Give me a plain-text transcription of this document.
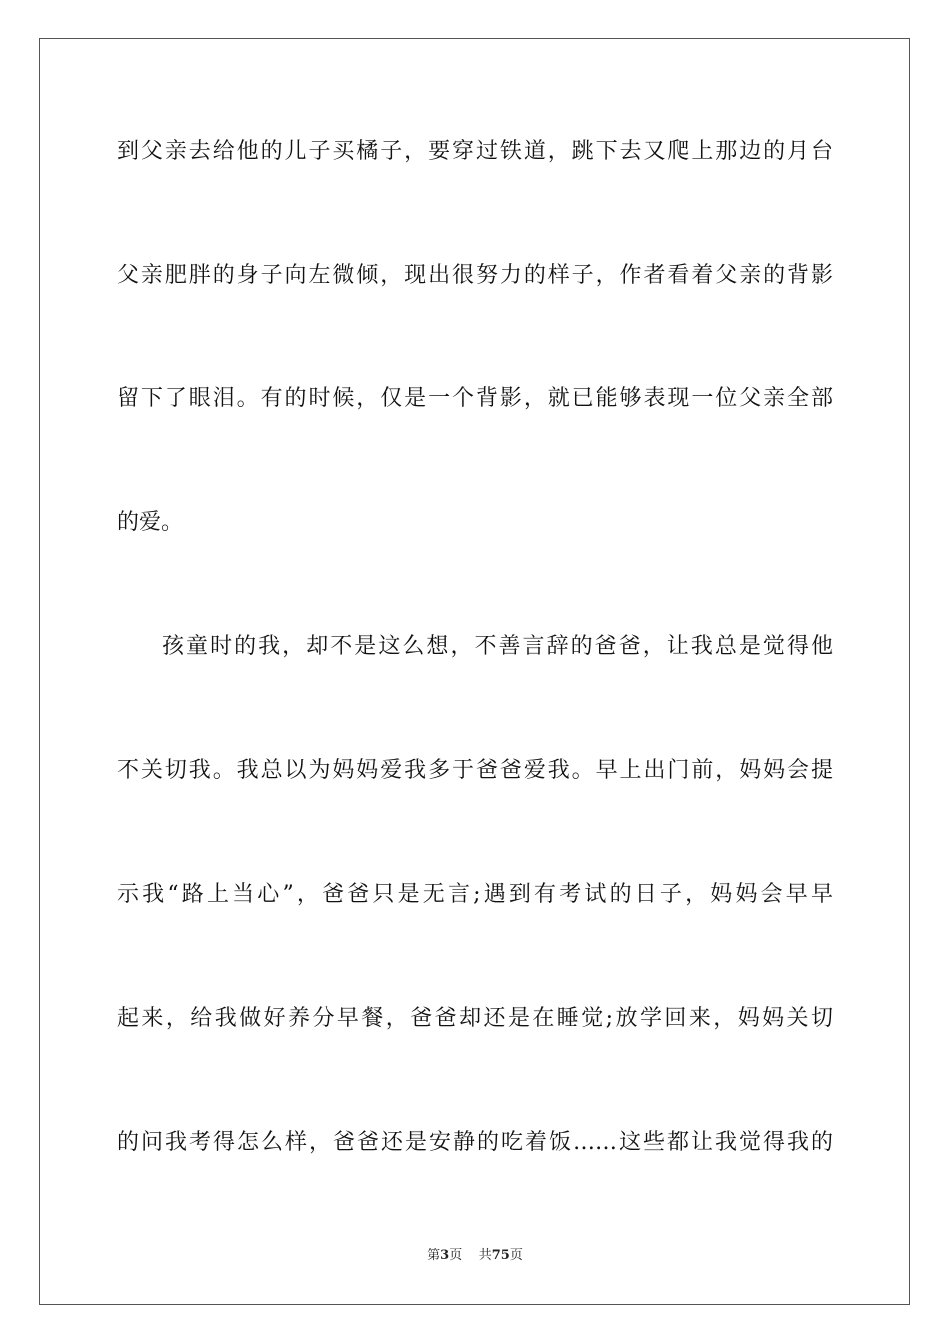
到父亲去给他的儿子买橘子，要穿过铁道，跳下去又爬上那边的月台
父亲肥胖的身子向左微倾，现出很努力的样子，作者看着父亲的背影
留下了眼泪。有的时候，仅是一个背影，就已能够表现一位父亲全部
的爱。
孩童时的我，却不是这么想，不善言辞的爸爸，让我总是觉得他
不关切我。我总以为妈妈爱我多于爸爸爱我。早上出门前，妈妈会提
示我“路上当心”，爸爸只是无言;遇到有考试的日子，妈妈会早早
起来，给我做好养分早餐，爸爸却还是在睡觉;放学回来，妈妈关切
的问我考得怎么样，爸爸还是安静的吃着饭……这些都让我觉得我的
第3页 共75页
